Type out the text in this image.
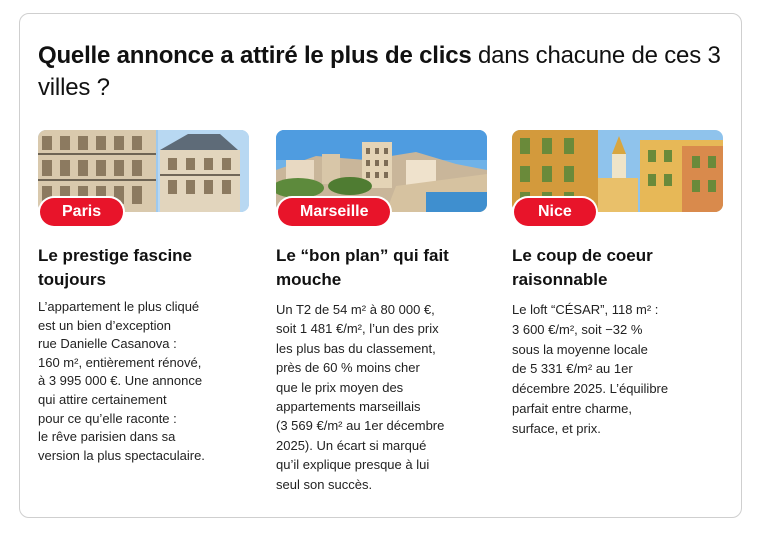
Quelle annonce a attiré le plus de clics dans chacune de ces 3 villes ?
Paris
Le prestige fascine toujours

L’appartement le plus cliqué

est un bien d’exception

rue Danielle Casanova :

160 m², entièrement rénové,

à 3 995 000 €. Une annonce

qui attire certainement

pour ce qu’elle raconte :

le rêve parisien dans sa

version la plus spectaculaire.

Marseille
Le “bon plan” qui fait mouche

Un T2 de 54 m² à 80 000 €,

soit 1 481 €/m², l’un des prix

les plus bas du classement,

près de 60 % moins cher

que le prix moyen des

appartements marseillais

(3 569 €/m² au 1er décembre

2025). Un écart si marqué

qu’il explique presque à lui

seul son succès.

Nice
Le coup de coeur raisonnable

Le loft “CÉSAR”, 118 m² :

3 600 €/m², soit −32 %

sous la moyenne locale

de 5 331 €/m² au 1er

décembre 2025. L’équilibre

parfait entre charme,

surface, et prix.
